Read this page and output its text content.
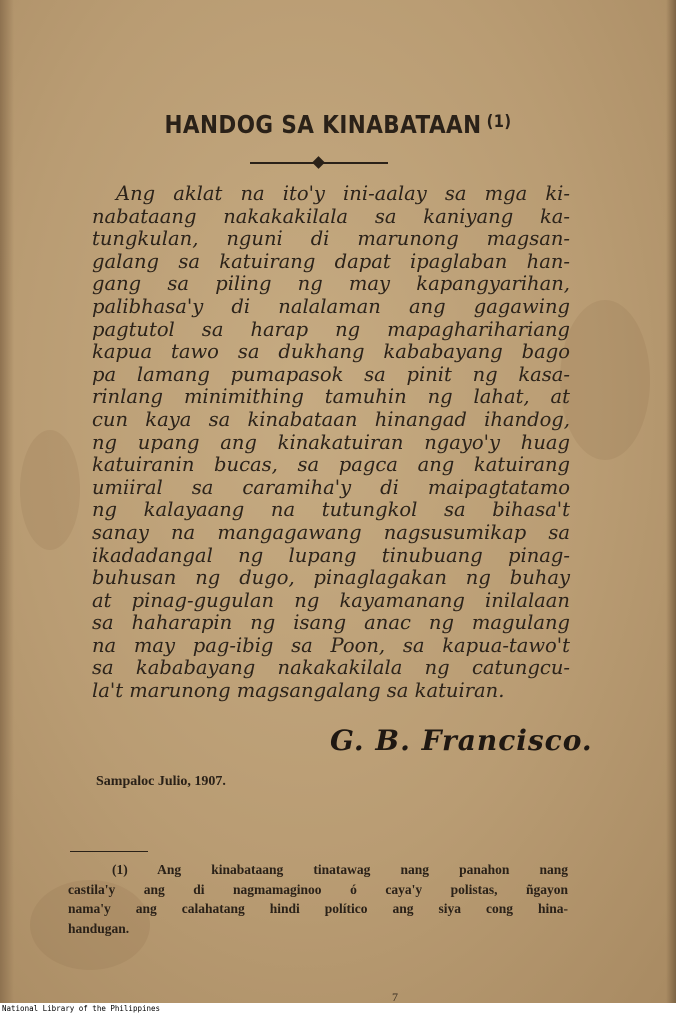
HANDOG SA KINABATAAN $^{(1)}$
Ang aklat na ito'y ini-aalay sa mga ki-
nabataang nakakakilala sa kaniyang ka-
tungkulan, nguni di marunong magsan-
galang sa katuirang dapat ipaglaban han-
gang sa piling ng may kapangyarihan,
palibhasa'y di nalalaman ang gagawing
pagtutol sa harap ng mapagharihariang
kapua tawo sa dukhang kababayang bago
pa lamang pumapasok sa pinit ng kasa-
rinlang minimithing tamuhin ng lahat, at
cun kaya sa kinabataan hinangad ihandog,
ng upang ang kinakatuiran ngayo'y huag
katuiranin bucas, sa pagca ang katuirang
umiiral sa caramiha'y di maipagtatamo
ng kalayaang na tutungkol sa bihasa't
sanay na mangagawang nagsusumikap sa
ikadadangal ng lupang tinubuang pinag-
buhusan ng dugo, pinaglagakan ng buhay
at pinag-gugulan ng kayamanang inilalaan
sa haharapin ng isang anac ng magulang
na may pag-ibig sa Poon, sa kapua-tawo't
sa kababayang nakakakilala ng catungcu-
la't marunong magsangalang sa katuiran.
G. B. Francisco.
Sampaloc Julio, 1907.
(1) Ang kinabataang tinatawag nang panahon nang
castila'y ang di nagmamaginoo ó caya'y polistas, ñgayon
nama'y ang calahatang hindi político ang siya cong hina-
handugan.
7
National Library of the Philippines
